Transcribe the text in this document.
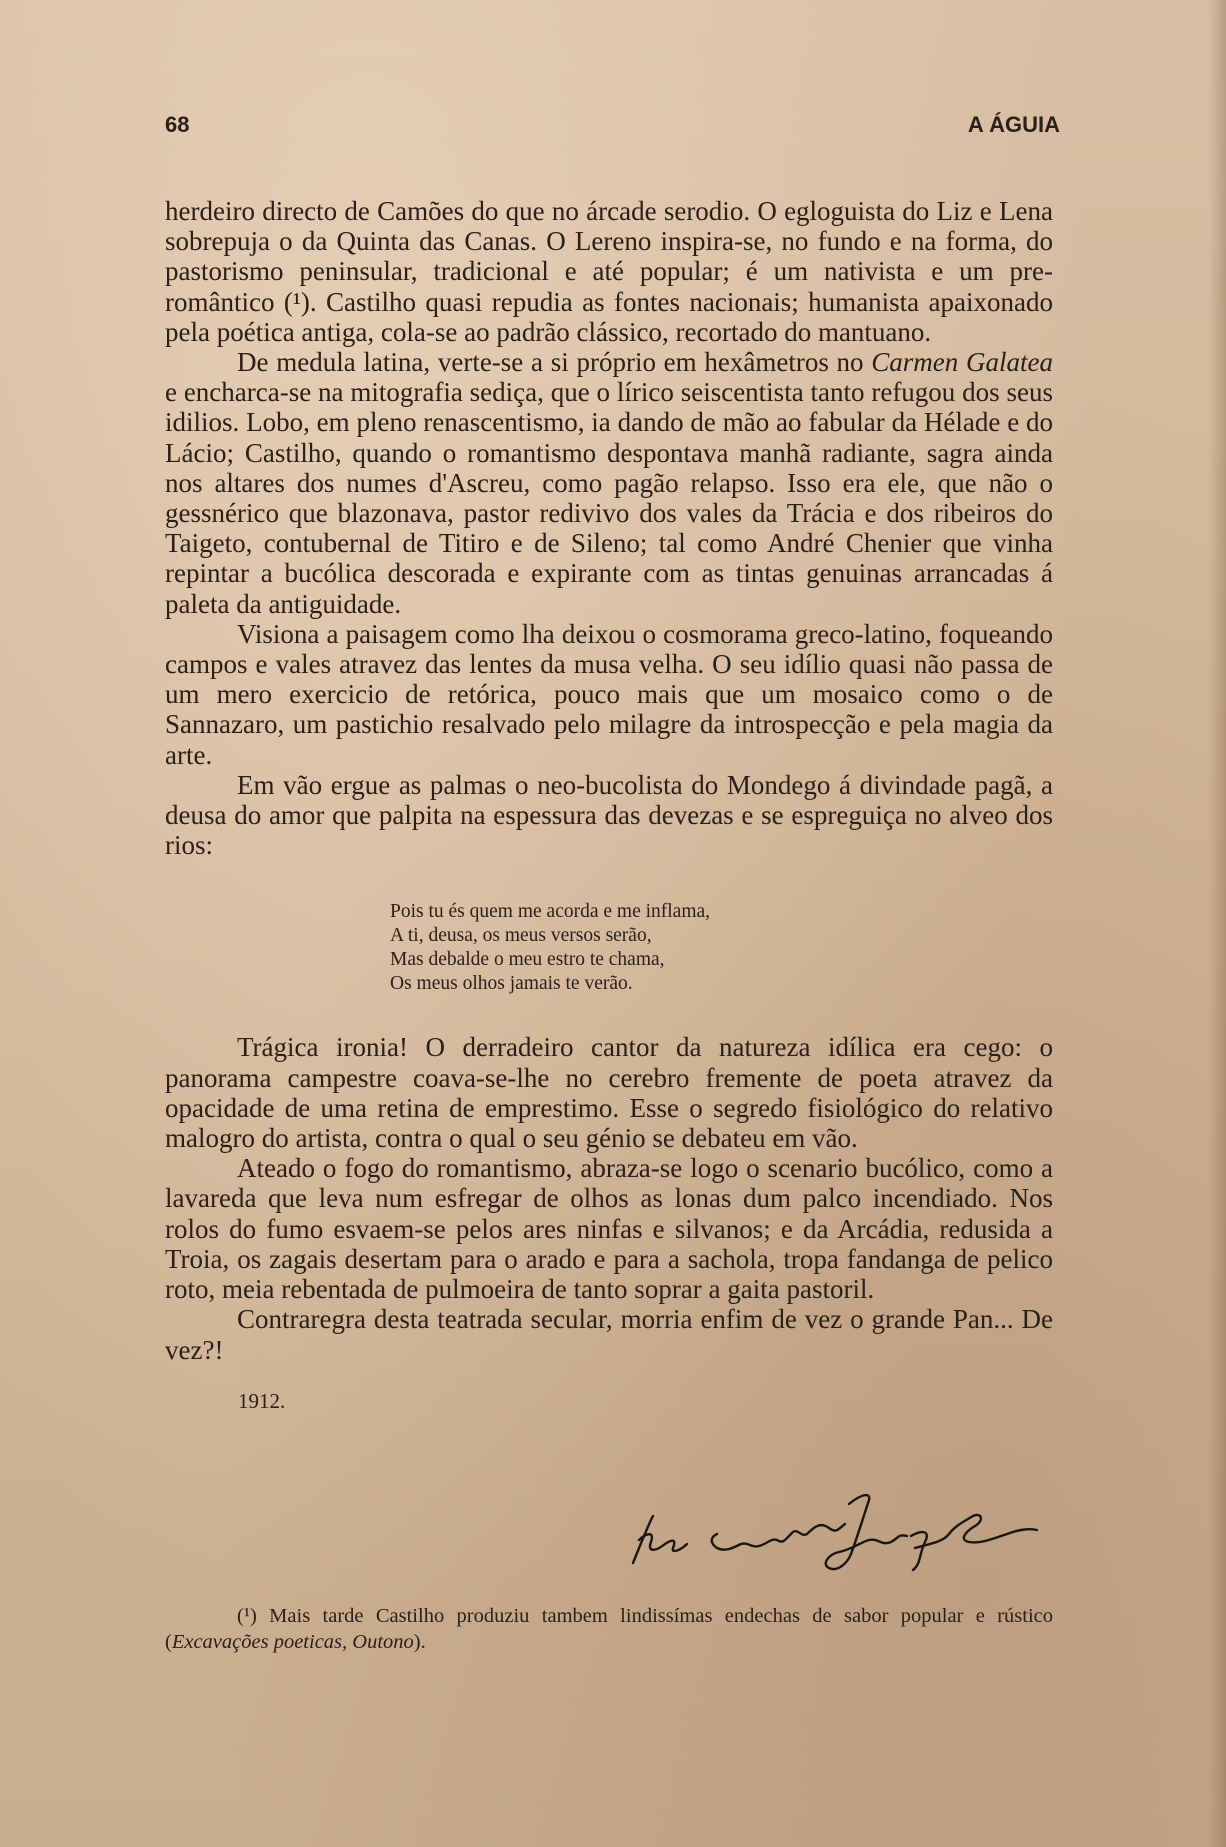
68	A ÁGUIA

herdeiro directo de Camões do que no árcade serodio. O egloguista do Liz e Lena sobrepuja o da Quinta das Canas. O Lereno inspira-se, no fundo e na forma, do pastorismo peninsular, tradicional e até popular; é um nativista e um pre-romântico (¹). Castilho quasi repudia as fontes nacionais; humanista apaixonado pela poética antiga, cola-se ao padrão clássico, recortado do mantuano.

De medula latina, verte-se a si próprio em hexâmetros no Carmen Galatea e encharca-se na mitografia sediça, que o lírico seiscentista tanto refugou dos seus idilios. Lobo, em pleno renascentismo, ia dando de mão ao fabular da Hélade e do Lácio; Castilho, quando o romantismo despontava manhã radiante, sagra ainda nos altares dos numes d'Ascreu, como pagão relapso. Isso era ele, que não o gessnérico que blazonava, pastor redivivo dos vales da Trácia e dos ribeiros do Taigeto, contubernal de Titiro e de Sileno; tal como André Chenier que vinha repintar a bucólica descorada e expirante com as tintas genuinas arrancadas á paleta da antiguidade.

Visiona a paisagem como lha deixou o cosmorama greco-latino, foqueando campos e vales atravez das lentes da musa velha. O seu idílio quasi não passa de um mero exercicio de retórica, pouco mais que um mosaico como o de Sannazaro, um pastichio resalvado pelo milagre da introspecção e pela magia da arte.

Em vão ergue as palmas o neo-bucolista do Mondego á divindade pagã, a deusa do amor que palpita na espessura das devezas e se espreguiça no alveo dos rios:

Pois tu és quem me acorda e me inflama,
A ti, deusa, os meus versos serão,
Mas debalde o meu estro te chama,
Os meus olhos jamais te verão.

Trágica ironia! O derradeiro cantor da natureza idílica era cego: o panorama campestre coava-se-lhe no cerebro fremente de poeta atravez da opacidade de uma retina de emprestimo. Esse o segredo fisiológico do relativo malogro do artista, contra o qual o seu génio se debateu em vão.

Ateado o fogo do romantismo, abraza-se logo o scenario bucólico, como a lavareda que leva num esfregar de olhos as lonas dum palco incendiado. Nos rolos do fumo esvaem-se pelos ares ninfas e silvanos; e da Arcádia, redusida a Troia, os zagais desertam para o arado e para a sachola, tropa fandanga de pelico roto, meia rebentada de pulmoeira de tanto soprar a gaita pastoril.

Contraregra desta teatrada secular, morria enfim de vez o grande Pan... De vez?!

1912.
(¹) Mais tarde Castilho produziu tambem lindissímas endechas de sabor popular e rústico (Excavações poeticas, Outono).
